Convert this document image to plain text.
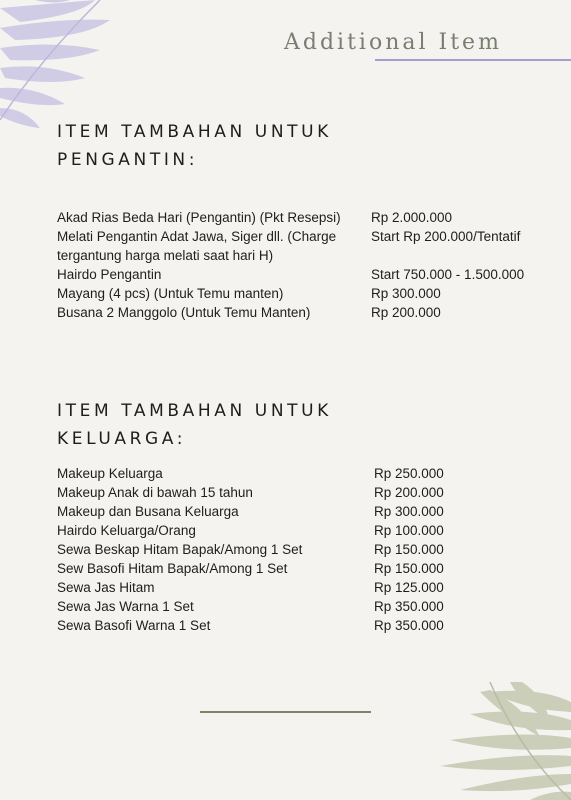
Additional Item
ITEM TAMBAHAN UNTUK
PENGANTIN:
Akad Rias Beda Hari (Pengantin) (Pkt Resepsi) Rp 2.000.000
Melati Pengantin Adat Jawa, Siger dll. (Charge
tergantung harga melati saat hari H)
Start Rp 200.000/Tentatif
Hairdo Pengantin	Start 750.000 - 1.500.000
Mayang (4 pcs) (Untuk Temu manten)	Rp 300.000
Busana 2 Manggolo (Untuk Temu Manten)	Rp 200.000
ITEM TAMBAHAN UNTUK
KELUARGA:
Makeup Keluarga	Rp 250.000
Makeup Anak di bawah 15 tahun	Rp 200.000
Makeup dan Busana Keluarga	Rp 300.000
Hairdo Keluarga/Orang	Rp 100.000
Sewa Beskap Hitam Bapak/Among 1 Set	Rp 150.000
Sew Basofi Hitam Bapak/Among 1 Set	Rp 150.000
Sewa Jas Hitam	Rp 125.000
Sewa Jas Warna 1 Set	Rp 350.000
Sewa Basofi Warna 1 Set	Rp 350.000
